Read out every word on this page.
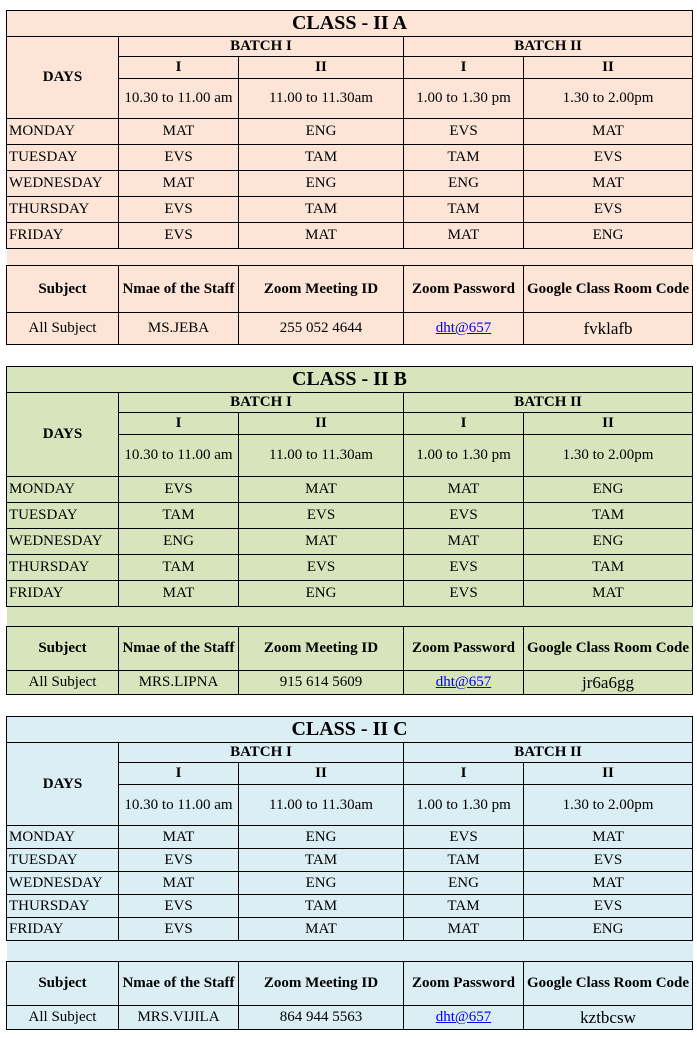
CLASS - II A				
DAYS	BATCH I		BATCH II	
	I	II	I	II
	10.30 to 11.00 am	11.00 to 11.30am	1.00 to 1.30 pm	1.30 to 2.00pm
MONDAY	MAT	ENG	EVS	MAT
TUESDAY	EVS	TAM	TAM	EVS
WEDNESDAY	MAT	ENG	ENG	MAT
THURSDAY	EVS	TAM	TAM	EVS
FRIDAY	EVS	MAT	MAT	ENG

Subject	Nmae of the Staff	Zoom Meeting ID	Zoom Password	Google Class Room Code
All Subject	MS.JEBA	255 052 4644	dht@657	fvklafb
CLASS - II B				
DAYS	BATCH I		BATCH II	
	I	II	I	II
	10.30 to 11.00 am	11.00 to 11.30am	1.00 to 1.30 pm	1.30 to 2.00pm
MONDAY	EVS	MAT	MAT	ENG
TUESDAY	TAM	EVS	EVS	TAM
WEDNESDAY	ENG	MAT	MAT	ENG
THURSDAY	TAM	EVS	EVS	TAM
FRIDAY	MAT	ENG	EVS	MAT

Subject	Nmae of the Staff	Zoom Meeting ID	Zoom Password	Google Class Room Code
All Subject	MRS.LIPNA	915 614 5609	dht@657	jr6a6gg
CLASS - II C				
DAYS	BATCH I		BATCH II	
	I	II	I	II
	10.30 to 11.00 am	11.00 to 11.30am	1.00 to 1.30 pm	1.30 to 2.00pm
MONDAY	MAT	ENG	EVS	MAT
TUESDAY	EVS	TAM	TAM	EVS
WEDNESDAY	MAT	ENG	ENG	MAT
THURSDAY	EVS	TAM	TAM	EVS
FRIDAY	EVS	MAT	MAT	ENG

Subject	Nmae of the Staff	Zoom Meeting ID	Zoom Password	Google Class Room Code
All Subject	MRS.VIJILA	864 944 5563	dht@657	kztbcsw
